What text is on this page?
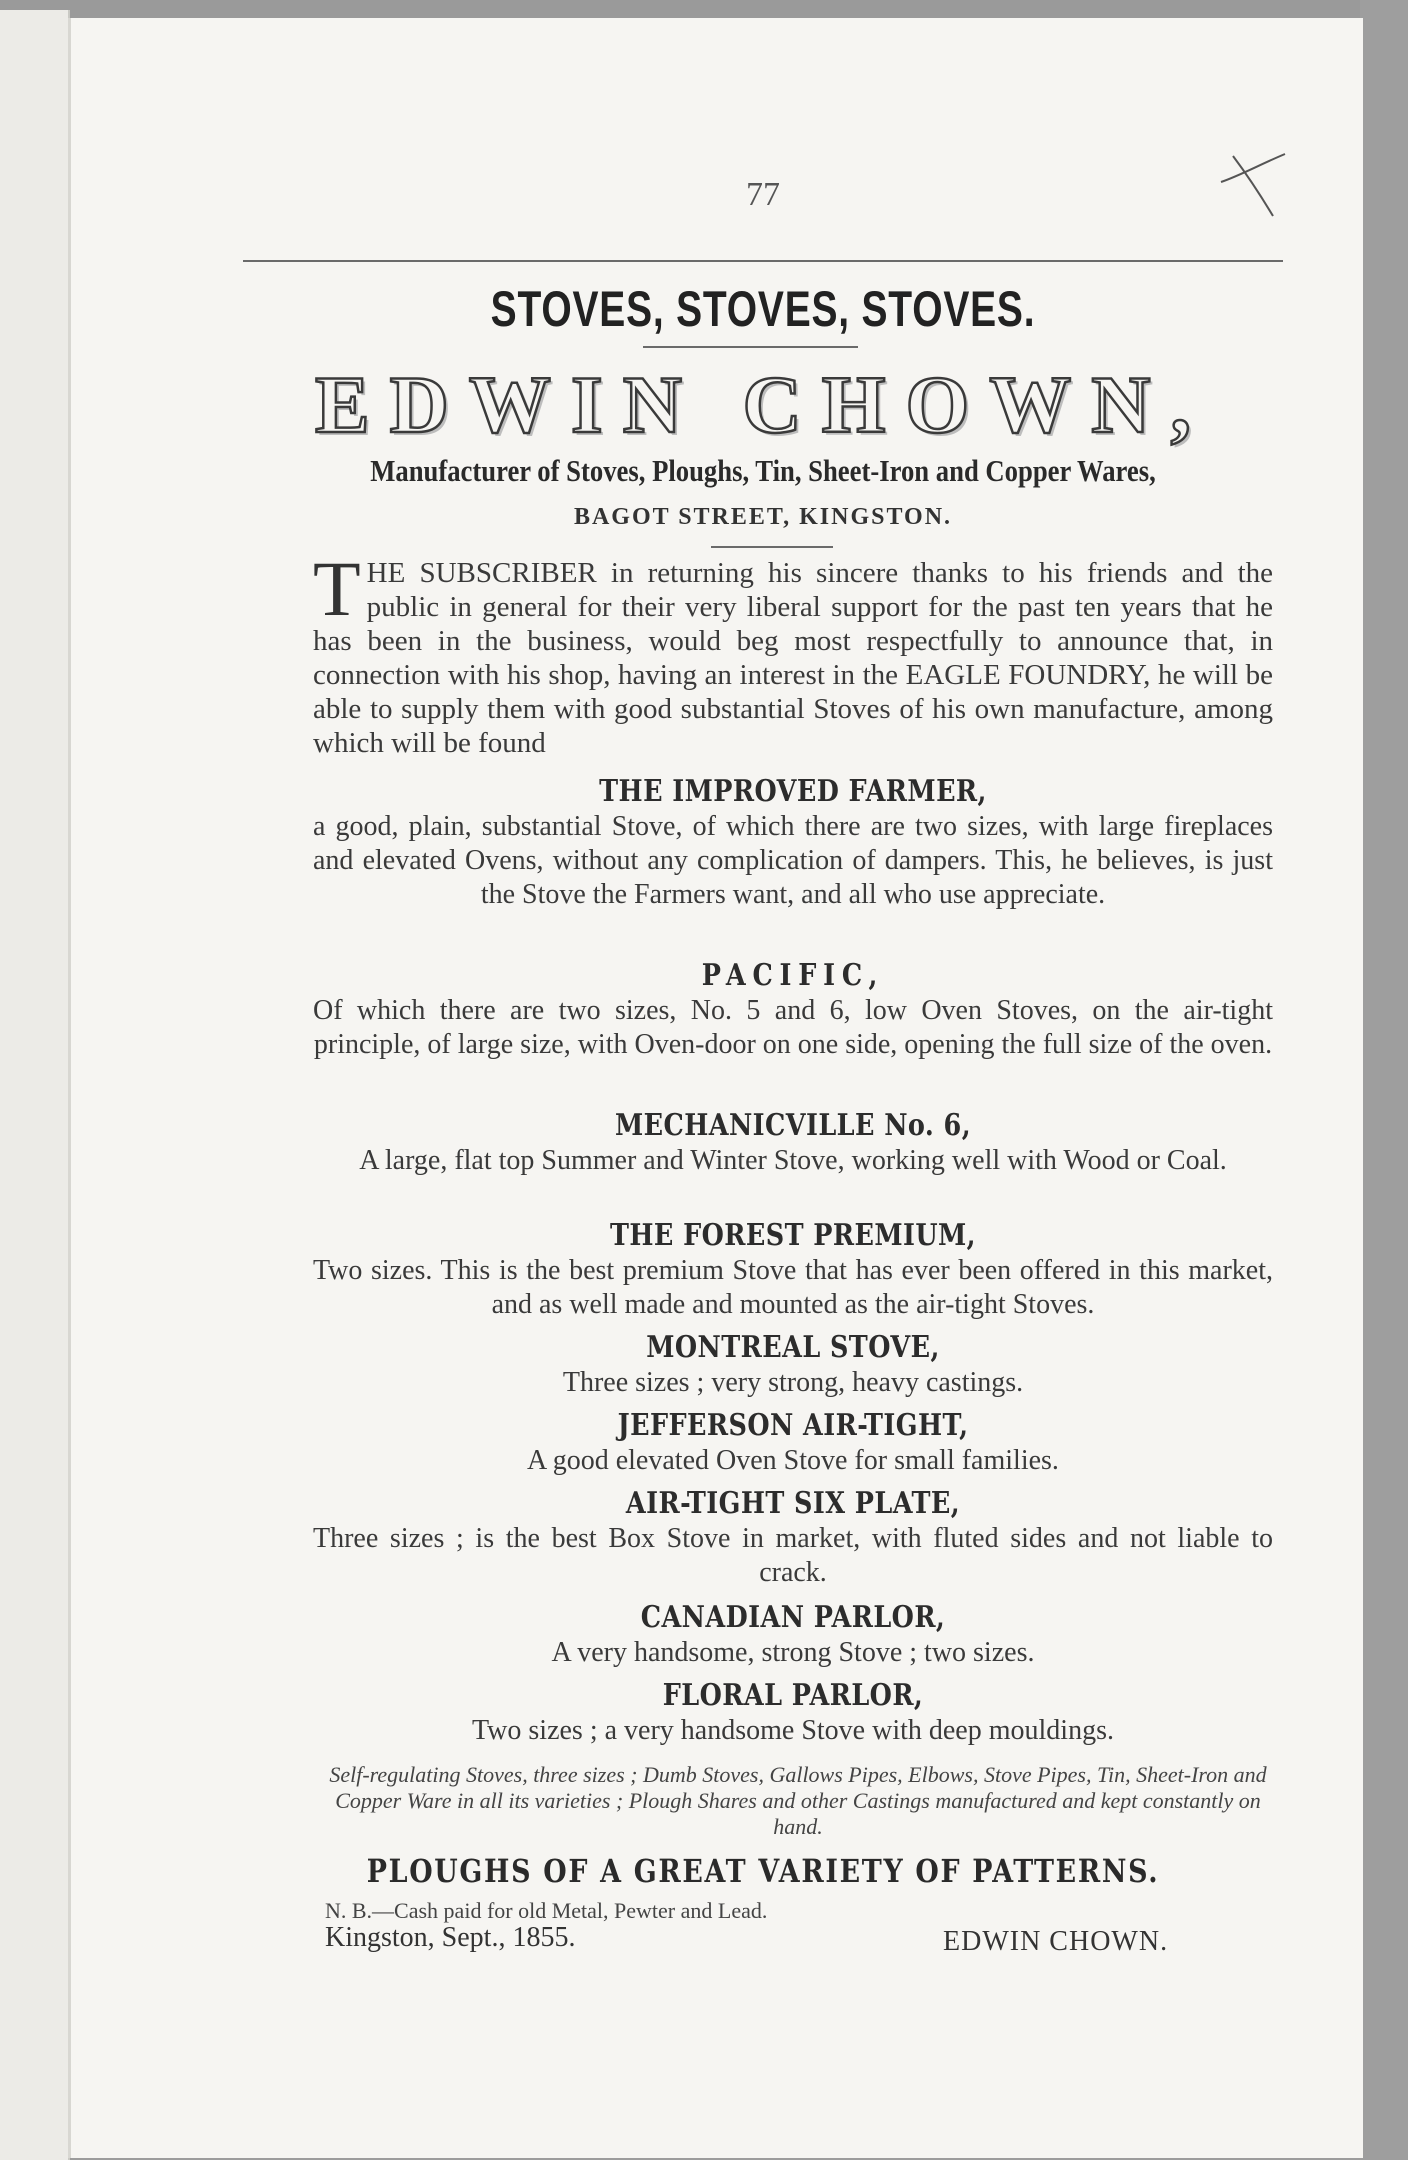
77
STOVES, STOVES, STOVES.
EDWIN CHOWN,
Manufacturer of Stoves, Ploughs, Tin, Sheet-Iron and Copper Wares,
BAGOT STREET, KINGSTON.
THE SUBSCRIBER in returning his sincere thanks to his friends and the public in general for their very liberal support for the past ten years that he has been in the business, would beg most respectfully to announce that, in connection with his shop, having an interest in the EAGLE FOUNDRY, he will be able to supply them with good substantial Stoves of his own manufacture, among which will be found
THE IMPROVED FARMER,
a good, plain, substantial Stove, of which there are two sizes, with large fireplaces and elevated Ovens, without any complication of dampers. This, he believes, is just the Stove the Farmers want, and all who use appreciate.
PACIFIC,
Of which there are two sizes, No. 5 and 6, low Oven Stoves, on the air-tight principle, of large size, with Oven-door on one side, opening the full size of the oven.
MECHANICVILLE No. 6,
A large, flat top Summer and Winter Stove, working well with Wood or Coal.
THE FOREST PREMIUM,
Two sizes. This is the best premium Stove that has ever been offered in this market, and as well made and mounted as the air-tight Stoves.
MONTREAL STOVE,
Three sizes ; very strong, heavy castings.
JEFFERSON AIR-TIGHT,
A good elevated Oven Stove for small families.
AIR-TIGHT SIX PLATE,
Three sizes ; is the best Box Stove in market, with fluted sides and not liable to crack.
CANADIAN PARLOR,
A very handsome, strong Stove ; two sizes.
FLORAL PARLOR,
Two sizes ; a very handsome Stove with deep mouldings.
Self-regulating Stoves, three sizes ; Dumb Stoves, Gallows Pipes, Elbows, Stove Pipes, Tin, Sheet-Iron and Copper Ware in all its varieties ; Plough Shares and other Castings manufactured and kept constantly on hand.
PLOUGHS OF A GREAT VARIETY OF PATTERNS.
N. B.—Cash paid for old Metal, Pewter and Lead.
Kingston, Sept., 1855.	EDWIN CHOWN.
